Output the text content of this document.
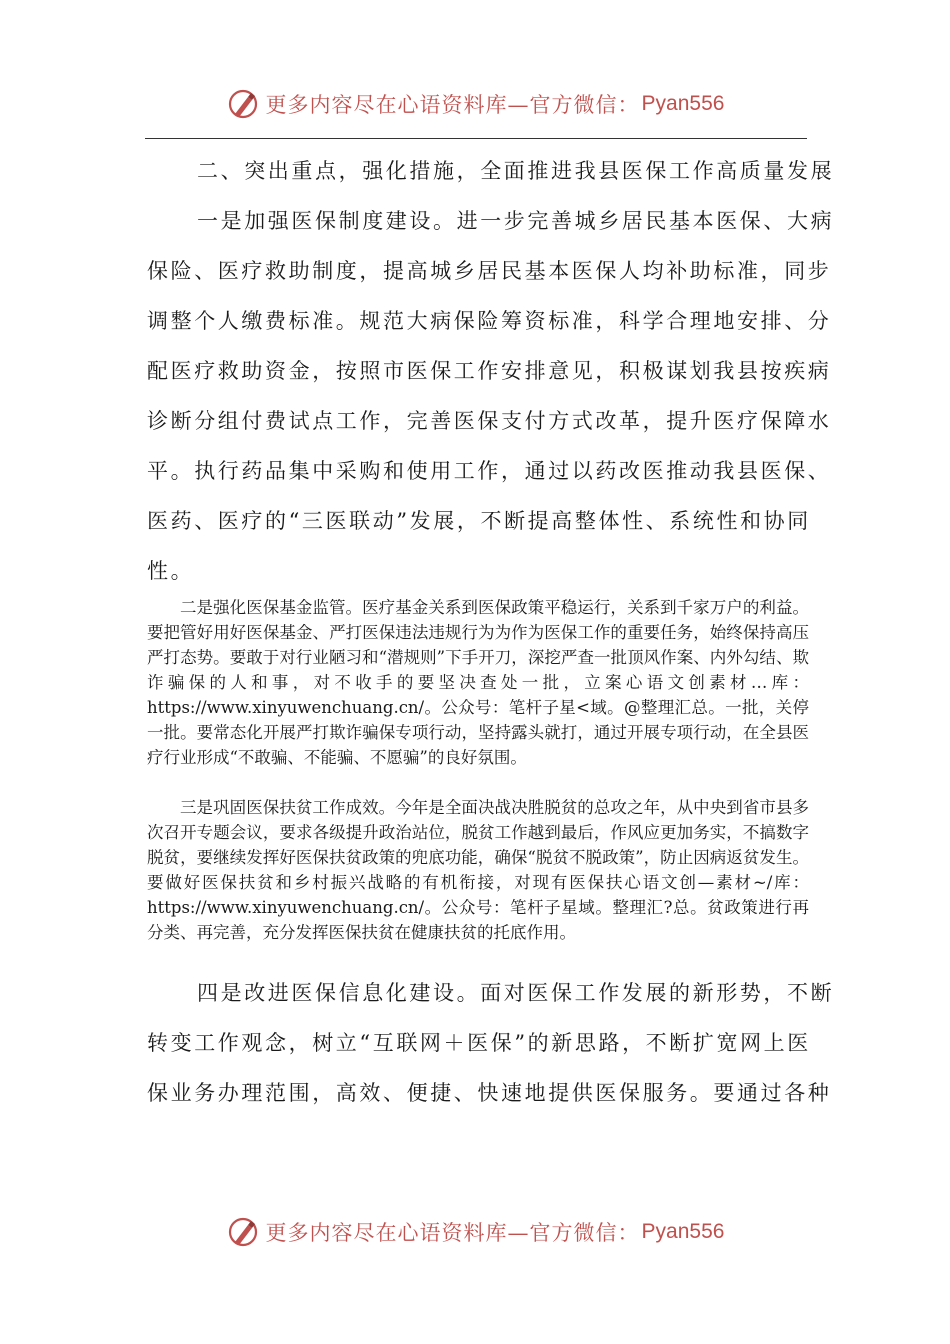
更多内容尽在心语资料库—官方微信： Pyan556

二、突出重点，强化措施，全面推进我县医保工作高质量发展

一是加强医保制度建设。进一步完善城乡居民基本医保、大病

保险、医疗救助制度，提高城乡居民基本医保人均补助标准，同步

调整个人缴费标准。规范大病保险筹资标准，科学合理地安排、分

配医疗救助资金，按照市医保工作安排意见，积极谋划我县按疾病

诊断分组付费试点工作，完善医保支付方式改革，提升医疗保障水

平。执行药品集中采购和使用工作，通过以药改医推动我县医保、

医药、医疗的“三医联动”发展，不断提高整体性、系统性和协同

性。

二是强化医保基金监管。医疗基金关系到医保政策平稳运行，关系到千家万户的利益。要把管好用好医保基金、严打医保违法违规行为为作为医保工作的重要任务，始终保持高压严打态势。要敢于对行业陋习和“潜规则”下手开刀，深挖严查一批顶风作案、内外勾结、欺诈骗保的人和事，对不收手的要坚决查处一批，立案心语文创素材…库：https://www.xinyuwenchuang.cn/。公众号：笔杆子星<域。@整理汇总。一批，关停一批。要常态化开展严打欺诈骗保专项行动，坚持露头就打，通过开展专项行动，在全县医疗行业形成“不敢骗、不能骗、不愿骗”的良好氛围。

三是巩固医保扶贫工作成效。今年是全面决战决胜脱贫的总攻之年，从中央到省市县多次召开专题会议，要求各级提升政治站位，脱贫工作越到最后，作风应更加务实，不搞数字脱贫，要继续发挥好医保扶贫政策的兜底功能，确保“脱贫不脱政策”，防止因病返贫发生。要做好医保扶贫和乡村振兴战略的有机衔接，对现有医保扶心语文创—素材~/库：https://www.xinyuwenchuang.cn/。公众号：笔杆子星域。整理汇?总。贫政策进行再分类、再完善，充分发挥医保扶贫在健康扶贫的托底作用。

四是改进医保信息化建设。面对医保工作发展的新形势，不断

转变工作观念，树立“互联网＋医保”的新思路，不断扩宽网上医

保业务办理范围，高效、便捷、快速地提供医保服务。要通过各种

更多内容尽在心语资料库—官方微信： Pyan556
